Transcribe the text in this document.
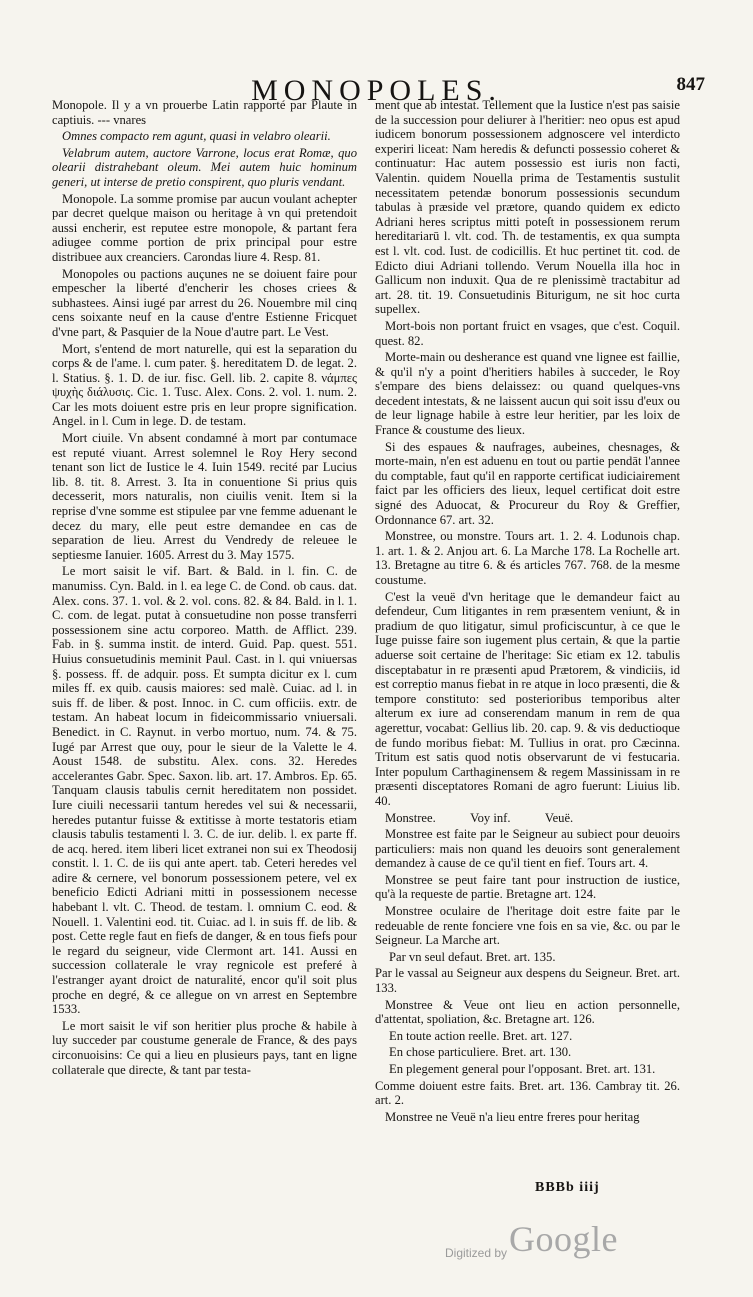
MONOPOLES.	847

Monopole. Il y a vn prouerbe Latin rapporté par Plaute in captiuis. --- vnares

Omnes compacto rem agunt, quasi in velabro olearii.

Velabrum autem, auctore Varrone, locus erat Romæ, quo olearii distrahebant oleum. Mei autem huic hominum generi, ut interse de pretio conspirent, quo pluris vendant.

Monopole. La somme promise par aucun voulant achepter par decret quelque maison ou heritage à vn qui pretendoit aussi encherir, est reputee estre monopole, & partant fera adiugee comme portion de prix principal pour estre distribuee aux creanciers. Carondas liure 4. Resp. 81.

Monopoles ou pactions auçunes ne se doiuent faire pour empescher la liberté d'encherir les choses criees & subhastees. Ainsi iugé par arrest du 26. Nouembre mil cinq cens soixante neuf en la cause d'entre Estienne Fricquet d'vne part, & Pasquier de la Noue d'autre part. Le Vest.

Mort, s'entend de mort naturelle, qui est la separation du corps & de l'ame. l. cum pater. §. hereditatem D. de legat. 2. l. Statius. §. 1. D. de iur. fisc. Gell. lib. 2. capite 8. νάμπες ψυχὴς διάλυσις. Cic. 1. Tusc. Alex. Cons. 2. vol. 1. num. 2. Car les mots doiuent estre pris en leur propre signification. Angel. in l. Cum in lege. D. de testam.

Mort ciuile. Vn absent condamné à mort par contumace est reputé viuant. Arrest solemnel le Roy Hery second tenant son lict de Iustice le 4. Iuin 1549. recité par Lucius lib. 8. tit. 8. Arrest. 3. Ita in conuentione Si prius quis decesserit, mors naturalis, non ciuilis venit. Item si la reprise d'vne somme est stipulee par vne femme aduenant le decez du mary, elle peut estre demandee en cas de separation de lieu. Arrest du Vendredy de releuee le septiesme Ianuier. 1605. Arrest du 3. May 1575.

Le mort saisit le vif. Bart. & Bald. in l. fin. C. de manumiss. Cyn. Bald. in l. ea lege C. de Cond. ob caus. dat. Alex. cons. 37. 1. vol. & 2. vol. cons. 82. & 84. Bald. in l. 1. C. com. de legat. putat à consuetudine non posse transferri possessionem sine actu corporeo. Matth. de Afflict. 239. Fab. in §. summa instit. de interd. Guid. Pap. quest. 551. Huius consuetudinis meminit Paul. Cast. in l. qui vniuersas §. possess. ff. de adquir. poss. Et sumpta dicitur ex l. cum miles ff. ex quib. causis maiores: sed malè. Cuiac. ad l. in suis ff. de liber. & post. Innoc. in C. cum officiis. extr. de testam. An habeat locum in fideicommissario vniuersali. Benedict. in C. Raynut. in verbo mortuo, num. 74. & 75. Iugé par Arrest que ouy, pour le sieur de la Valette le 4. Aoust 1548. de substitu. Alex. cons. 32. Heredes accelerantes Gabr. Spec. Saxon. lib. art. 17. Ambros. Ep. 65. Tanquam clausis tabulis cernit hereditatem non possidet. Iure ciuili necessarii tantum heredes vel sui & necessarii, heredes putantur fuisse & extitisse à morte testatoris etiam clausis tabulis testamenti l. 3. C. de iur. delib. l. ex parte ff. de acq. hered. item liberi licet extranei non sui ex Theodosij constit. l. 1. C. de iis qui ante apert. tab. Ceteri heredes vel adire & cernere, vel bonorum possessionem petere, vel ex beneficio Edicti Adriani mitti in possessionem necesse habebant l. vlt. C. Theod. de testam. l. omnium C. eod. & Nouell. 1. Valentini eod. tit. Cuiac. ad l. in suis ff. de lib. & post. Cette regle faut en fiefs de danger, & en tous fiefs pour le regard du seigneur, vide Clermont art. 141. Aussi en succession collaterale le vray regnicole est preferé à l'estranger ayant droict de naturalité, encor qu'il soit plus proche en degré, & ce allegue on vn arrest en Septembre 1533.

Le mort saisit le vif son heritier plus proche & habile à luy succeder par coustume generale de France, & des pays circonuoisins: Ce qui a lieu en plusieurs pays, tant en ligne collaterale que directe, & tant par testa-

ment que ab intestat. Tellement que la Iustice n'est pas saisie de la succession pour deliurer à l'heritier: neo opus est apud iudicem bonorum possessionem adgnoscere vel interdicto experiri liceat: Nam heredis & defuncti possessio coheret & continuatur: Hac autem possessio est iuris non facti, Valentin. quidem Nouella prima de Testamentis sustulit necessitatem petendæ bonorum possessionis secundum tabulas à præside vel prætore, quando quidem ex edicto Adriani heres scriptus mitti poteſt in possessionem rerum hereditariarū l. vlt. cod. Th. de testamentis, ex qua sumpta est l. vlt. cod. Iust. de codicillis. Et huc pertinet tit. cod. de Edicto diui Adriani tollendo. Verum Nouella illa hoc in Gallicum non induxit. Qua de re plenissimè tractabitur ad art. 28. tit. 19. Consuetudinis Biturigum, ne sit hoc curta supellex.

Mort-bois non portant fruict en vsages, que c'est. Coquil. quest. 82.

Morte-main ou desherance est quand vne lignee est faillie, & qu'il n'y a point d'heritiers habiles à succeder, le Roy s'empare des biens delaissez: ou quand quelques-vns decedent intestats, & ne laissent aucun qui soit issu d'eux ou de leur lignage habile à estre leur heritier, par les loix de France & coustume des lieux.

Si des espaues & naufrages, aubeines, chesnages, & morte-main, n'en est aduenu en tout ou partie pendāt l'annee du comptable, faut qu'il en rapporte certificat iudiciairement faict par les officiers des lieux, lequel certificat doit estre signé des Aduocat, & Procureur du Roy & Greffier, Ordonnance 67. art. 32.

Monstree, ou monstre. Tours art. 1. 2. 4. Lodunois chap. 1. art. 1. & 2. Anjou art. 6. La Marche 178. La Rochelle art. 13. Bretagne au titre 6. & és articles 767. 768. de la mesme coustume.

C'est la veuë d'vn heritage que le demandeur faict au defendeur, Cum litigantes in rem præsentem veniunt, & in pradium de quo litigatur, simul proficiscuntur, à ce que le Iuge puisse faire son iugement plus certain, & que la partie aduerse soit certaine de l'heritage: Sic etiam ex 12. tabulis disceptabatur in re præsenti apud Prætorem, & vindiciis, id est correptio manus fiebat in re atque in loco præsenti, die & tempore constituto: sed posterioribus temporibus alter alterum ex iure ad conserendam manum in rem de qua agerettur, vocabat: Gellius lib. 20. cap. 9. & vis deductioque de fundo moribus fiebat: M. Tullius in orat. pro Cæcinna. Tritum est satis quod notis observarunt de vi festucaria. Inter populum Carthaginensem & regem Massinissam in re præsenti disceptatores Romani de agro fuerunt: Liuius lib. 40.

Monstree.           Voy inf.           Veuë.

Monstree est faite par le Seigneur au subiect pour deuoirs particuliers: mais non quand les deuoirs sont generalement demandez à cause de ce qu'il tient en fief. Tours art. 4.

Monstree se peut faire tant pour instruction de iustice, qu'à la requeste de partie. Bretagne art. 124.

Monstree oculaire de l'heritage doit estre faite par le redeuable de rente fonciere vne fois en sa vie, &c. ou par le Seigneur. La Marche art.

Par vn seul defaut. Bret. art. 135.

Par le vassal au Seigneur aux despens du Seigneur. Bret. art. 133.

Monstree & Veue ont lieu en action personnelle, d'attentat, spoliation, &c. Bretagne art. 126.

En toute action reelle. Bret. art. 127.

En chose particuliere. Bret. art. 130.

En plegement general pour l'opposant. Bret. art. 131.

Comme doiuent estre faits. Bret. art. 136. Cambray tit. 26. art. 2.

Monstree ne Veuë n'a lieu entre freres pour heritag

BBBb iiij
Digitized by Google
